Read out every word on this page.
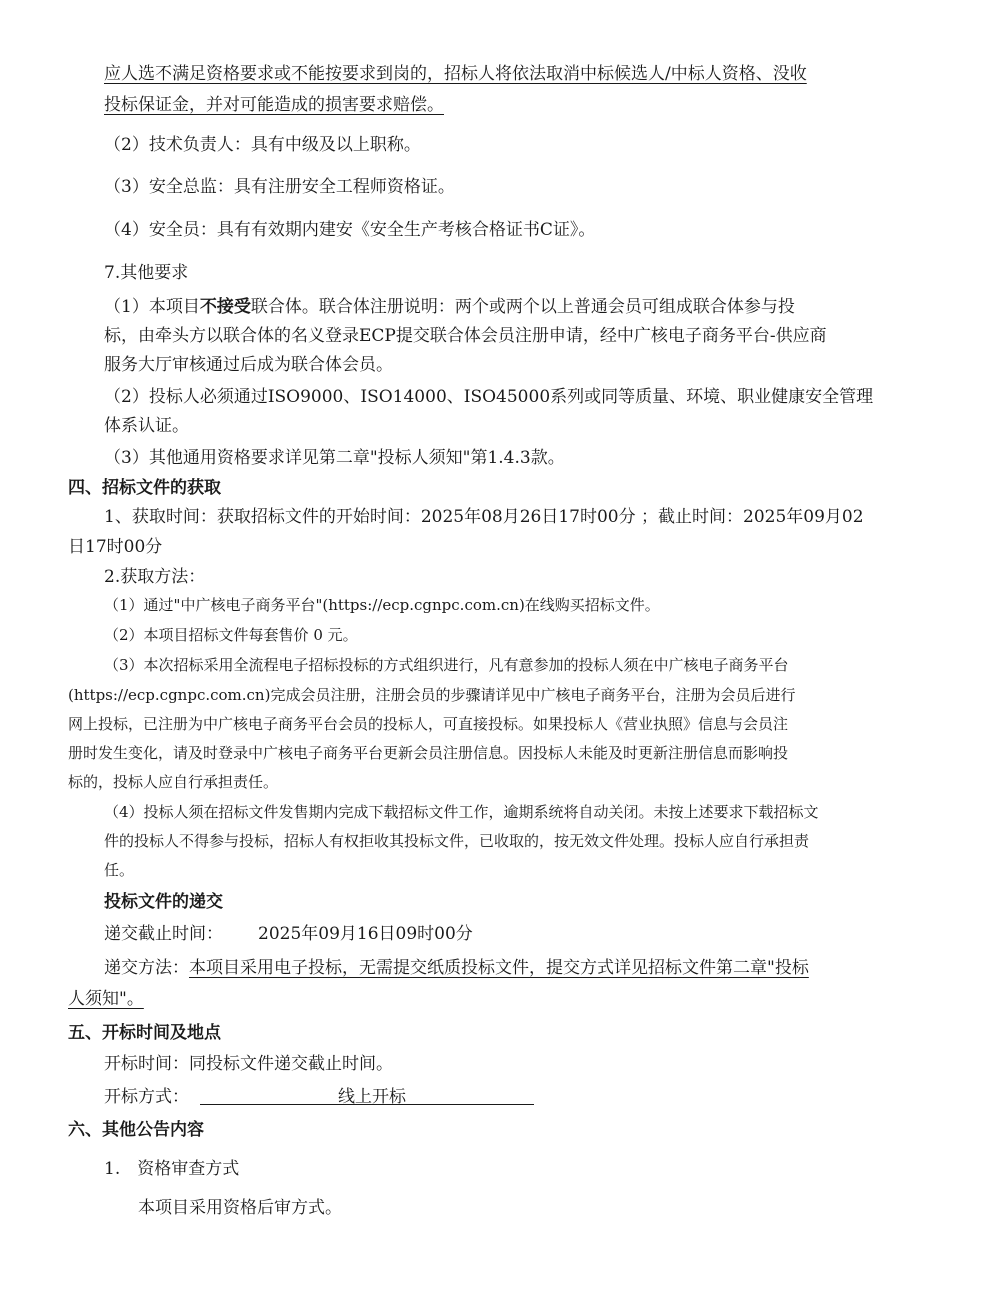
应人选不满足资格要求或不能按要求到岗的，招标人将依法取消中标候选人/中标人资格、没收
投标保证金，并对可能造成的损害要求赔偿。
（2）技术负责人：具有中级及以上职称。
（3）安全总监：具有注册安全工程师资格证。
（4）安全员：具有有效期内建安《安全生产考核合格证书C证》。
7.其他要求
（1）本项目不接受联合体。联合体注册说明：两个或两个以上普通会员可组成联合体参与投
标，由牵头方以联合体的名义登录ECP提交联合体会员注册申请，经中广核电子商务平台-供应商
服务大厅审核通过后成为联合体会员。
（2）投标人必须通过ISO9000、ISO14000、ISO45000系列或同等质量、环境、职业健康安全管理
体系认证。
（3）其他通用资格要求详见第二章"投标人须知"第1.4.3款。
四、招标文件的获取
1、获取时间：获取招标文件的开始时间：2025年08月26日17时00分 ；截止时间：2025年09月02
日17时00分
2.获取方法：
（1）通过"中广核电子商务平台"(https://ecp.cgnpc.com.cn)在线购买招标文件。
（2）本项目招标文件每套售价 0 元。
（3）本次招标采用全流程电子招标投标的方式组织进行，凡有意参加的投标人须在中广核电子商务平台
(https://ecp.cgnpc.com.cn)完成会员注册，注册会员的步骤请详见中广核电子商务平台，注册为会员后进行
网上投标，已注册为中广核电子商务平台会员的投标人，可直接投标。如果投标人《营业执照》信息与会员注
册时发生变化，请及时登录中广核电子商务平台更新会员注册信息。因投标人未能及时更新注册信息而影响投
标的，投标人应自行承担责任。
（4）投标人须在招标文件发售期内完成下载招标文件工作，逾期系统将自动关闭。未按上述要求下载招标文
件的投标人不得参与投标，招标人有权拒收其投标文件，已收取的，按无效文件处理。投标人应自行承担责
任。
投标文件的递交
递交截止时间： 2025年09月16日09时00分
递交方法：本项目采用电子投标，无需提交纸质投标文件，提交方式详见招标文件第二章"投标
人须知"。
五、开标时间及地点
开标时间：同投标文件递交截止时间。
开标方式：	线上开标
六、其他公告内容
1.　资格审查方式
本项目采用资格后审方式。
